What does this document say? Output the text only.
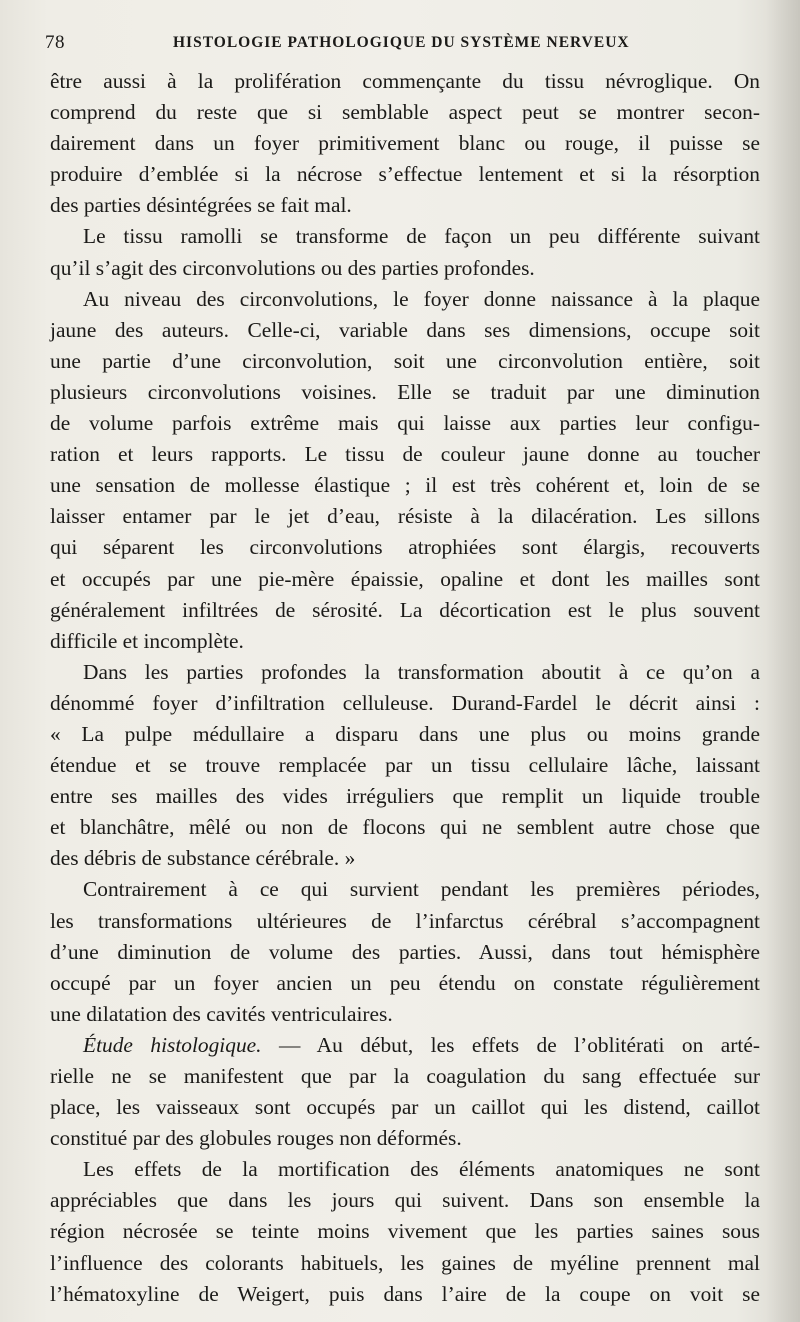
78	HISTOLOGIE PATHOLOGIQUE DU SYSTÈME NERVEUX
être aussi à la prolifération commençante du tissu névroglique. On
comprend du reste que si semblable aspect peut se montrer secon-
dairement dans un foyer primitivement blanc ou rouge, il puisse se
produire d’emblée si la nécrose s’effectue lentement et si la résorption
des parties désintégrées se fait mal.
Le tissu ramolli se transforme de façon un peu différente suivant
qu’il s’agit des circonvolutions ou des parties profondes.
Au niveau des circonvolutions, le foyer donne naissance à la plaque
jaune des auteurs. Celle-ci, variable dans ses dimensions, occupe soit
une partie d’une circonvolution, soit une circonvolution entière, soit
plusieurs circonvolutions voisines. Elle se traduit par une diminution
de volume parfois extrême mais qui laisse aux parties leur configu-
ration et leurs rapports. Le tissu de couleur jaune donne au toucher
une sensation de mollesse élastique ; il est très cohérent et, loin de se
laisser entamer par le jet d’eau, résiste à la dilacération. Les sillons
qui séparent les circonvolutions atrophiées sont élargis, recouverts
et occupés par une pie-mère épaissie, opaline et dont les mailles sont
généralement infiltrées de sérosité. La décortication est le plus souvent
difficile et incomplète.
Dans les parties profondes la transformation aboutit à ce qu’on a
dénommé foyer d’infiltration celluleuse. Durand-Fardel le décrit ainsi :
« La pulpe médullaire a disparu dans une plus ou moins grande
étendue et se trouve remplacée par un tissu cellulaire lâche, laissant
entre ses mailles des vides irréguliers que remplit un liquide trouble
et blanchâtre, mêlé ou non de flocons qui ne semblent autre chose que
des débris de substance cérébrale. »
Contrairement à ce qui survient pendant les premières périodes,
les transformations ultérieures de l’infarctus cérébral s’accompagnent
d’une diminution de volume des parties. Aussi, dans tout hémisphère
occupé par un foyer ancien un peu étendu on constate régulièrement
une dilatation des cavités ventriculaires.
Étude histologique. — Au début, les effets de l’oblitérati on arté-
rielle ne se manifestent que par la coagulation du sang effectuée sur
place, les vaisseaux sont occupés par un caillot qui les distend, caillot
constitué par des globules rouges non déformés.
Les effets de la mortification des éléments anatomiques ne sont
appréciables que dans les jours qui suivent. Dans son ensemble la
région nécrosée se teinte moins vivement que les parties saines sous
l’influence des colorants habituels, les gaines de myéline prennent mal
l’hématoxyline de Weigert, puis dans l’aire de la coupe on voit se
